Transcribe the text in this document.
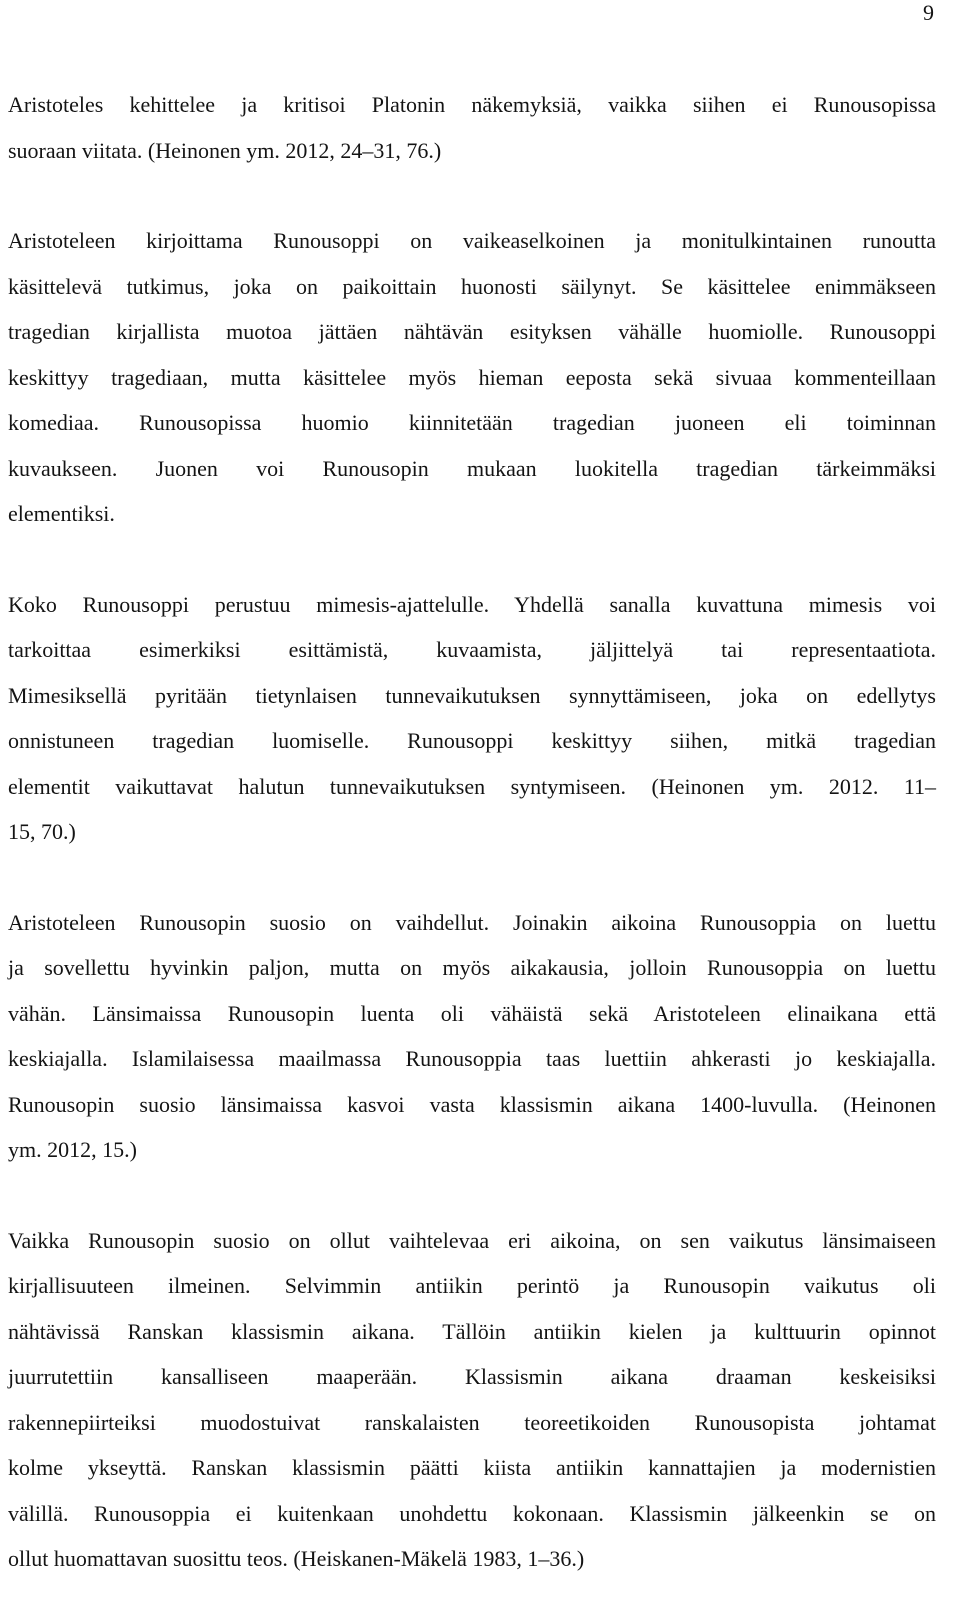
9

Aristoteles kehittelee ja kritisoi Platonin näkemyksiä, vaikka siihen ei Runousopissa
suoraan viitata. (Heinonen ym. 2012, 24–31, 76.)

Aristoteleen kirjoittama Runousoppi on vaikeaselkoinen ja monitulkintainen runoutta
käsittelevä tutkimus, joka on paikoittain huonosti säilynyt. Se käsittelee enimmäkseen
tragedian kirjallista muotoa jättäen nähtävän esityksen vähälle huomiolle. Runousoppi
keskittyy tragediaan, mutta käsittelee myös hieman eeposta sekä sivuaa kommenteillaan
komediaa. Runousopissa huomio kiinnitetään tragedian juoneen eli toiminnan
kuvaukseen. Juonen voi Runousopin mukaan luokitella tragedian tärkeimmäksi
elementiksi.

Koko Runousoppi perustuu mimesis-ajattelulle. Yhdellä sanalla kuvattuna mimesis voi
tarkoittaa esimerkiksi esittämistä, kuvaamista, jäljittelyä tai representaatiota.
Mimesiksellä pyritään tietynlaisen tunnevaikutuksen synnyttämiseen, joka on edellytys
onnistuneen tragedian luomiselle. Runousoppi keskittyy siihen, mitkä tragedian
elementit vaikuttavat halutun tunnevaikutuksen syntymiseen. (Heinonen ym. 2012. 11–
15, 70.)

Aristoteleen Runousopin suosio on vaihdellut. Joinakin aikoina Runousoppia on luettu
ja sovellettu hyvinkin paljon, mutta on myös aikakausia, jolloin Runousoppia on luettu
vähän. Länsimaissa Runousopin luenta oli vähäistä sekä Aristoteleen elinaikana että
keskiajalla. Islamilaisessa maailmassa Runousoppia taas luettiin ahkerasti jo keskiajalla.
Runousopin suosio länsimaissa kasvoi vasta klassismin aikana 1400-luvulla. (Heinonen
ym. 2012, 15.)

Vaikka Runousopin suosio on ollut vaihtelevaa eri aikoina, on sen vaikutus länsimaiseen
kirjallisuuteen ilmeinen. Selvimmin antiikin perintö ja Runousopin vaikutus oli
nähtävissä Ranskan klassismin aikana. Tällöin antiikin kielen ja kulttuurin opinnot
juurrutettiin kansalliseen maaperään. Klassismin aikana draaman keskeisiksi
rakennepiirteiksi muodostuivat ranskalaisten teoreetikoiden Runousopista johtamat
kolme ykseyttä. Ranskan klassismin päätti kiista antiikin kannattajien ja modernistien
välillä. Runousoppia ei kuitenkaan unohdettu kokonaan. Klassismin jälkeenkin se on
ollut huomattavan suosittu teos. (Heiskanen-Mäkelä 1983, 1–36.)
